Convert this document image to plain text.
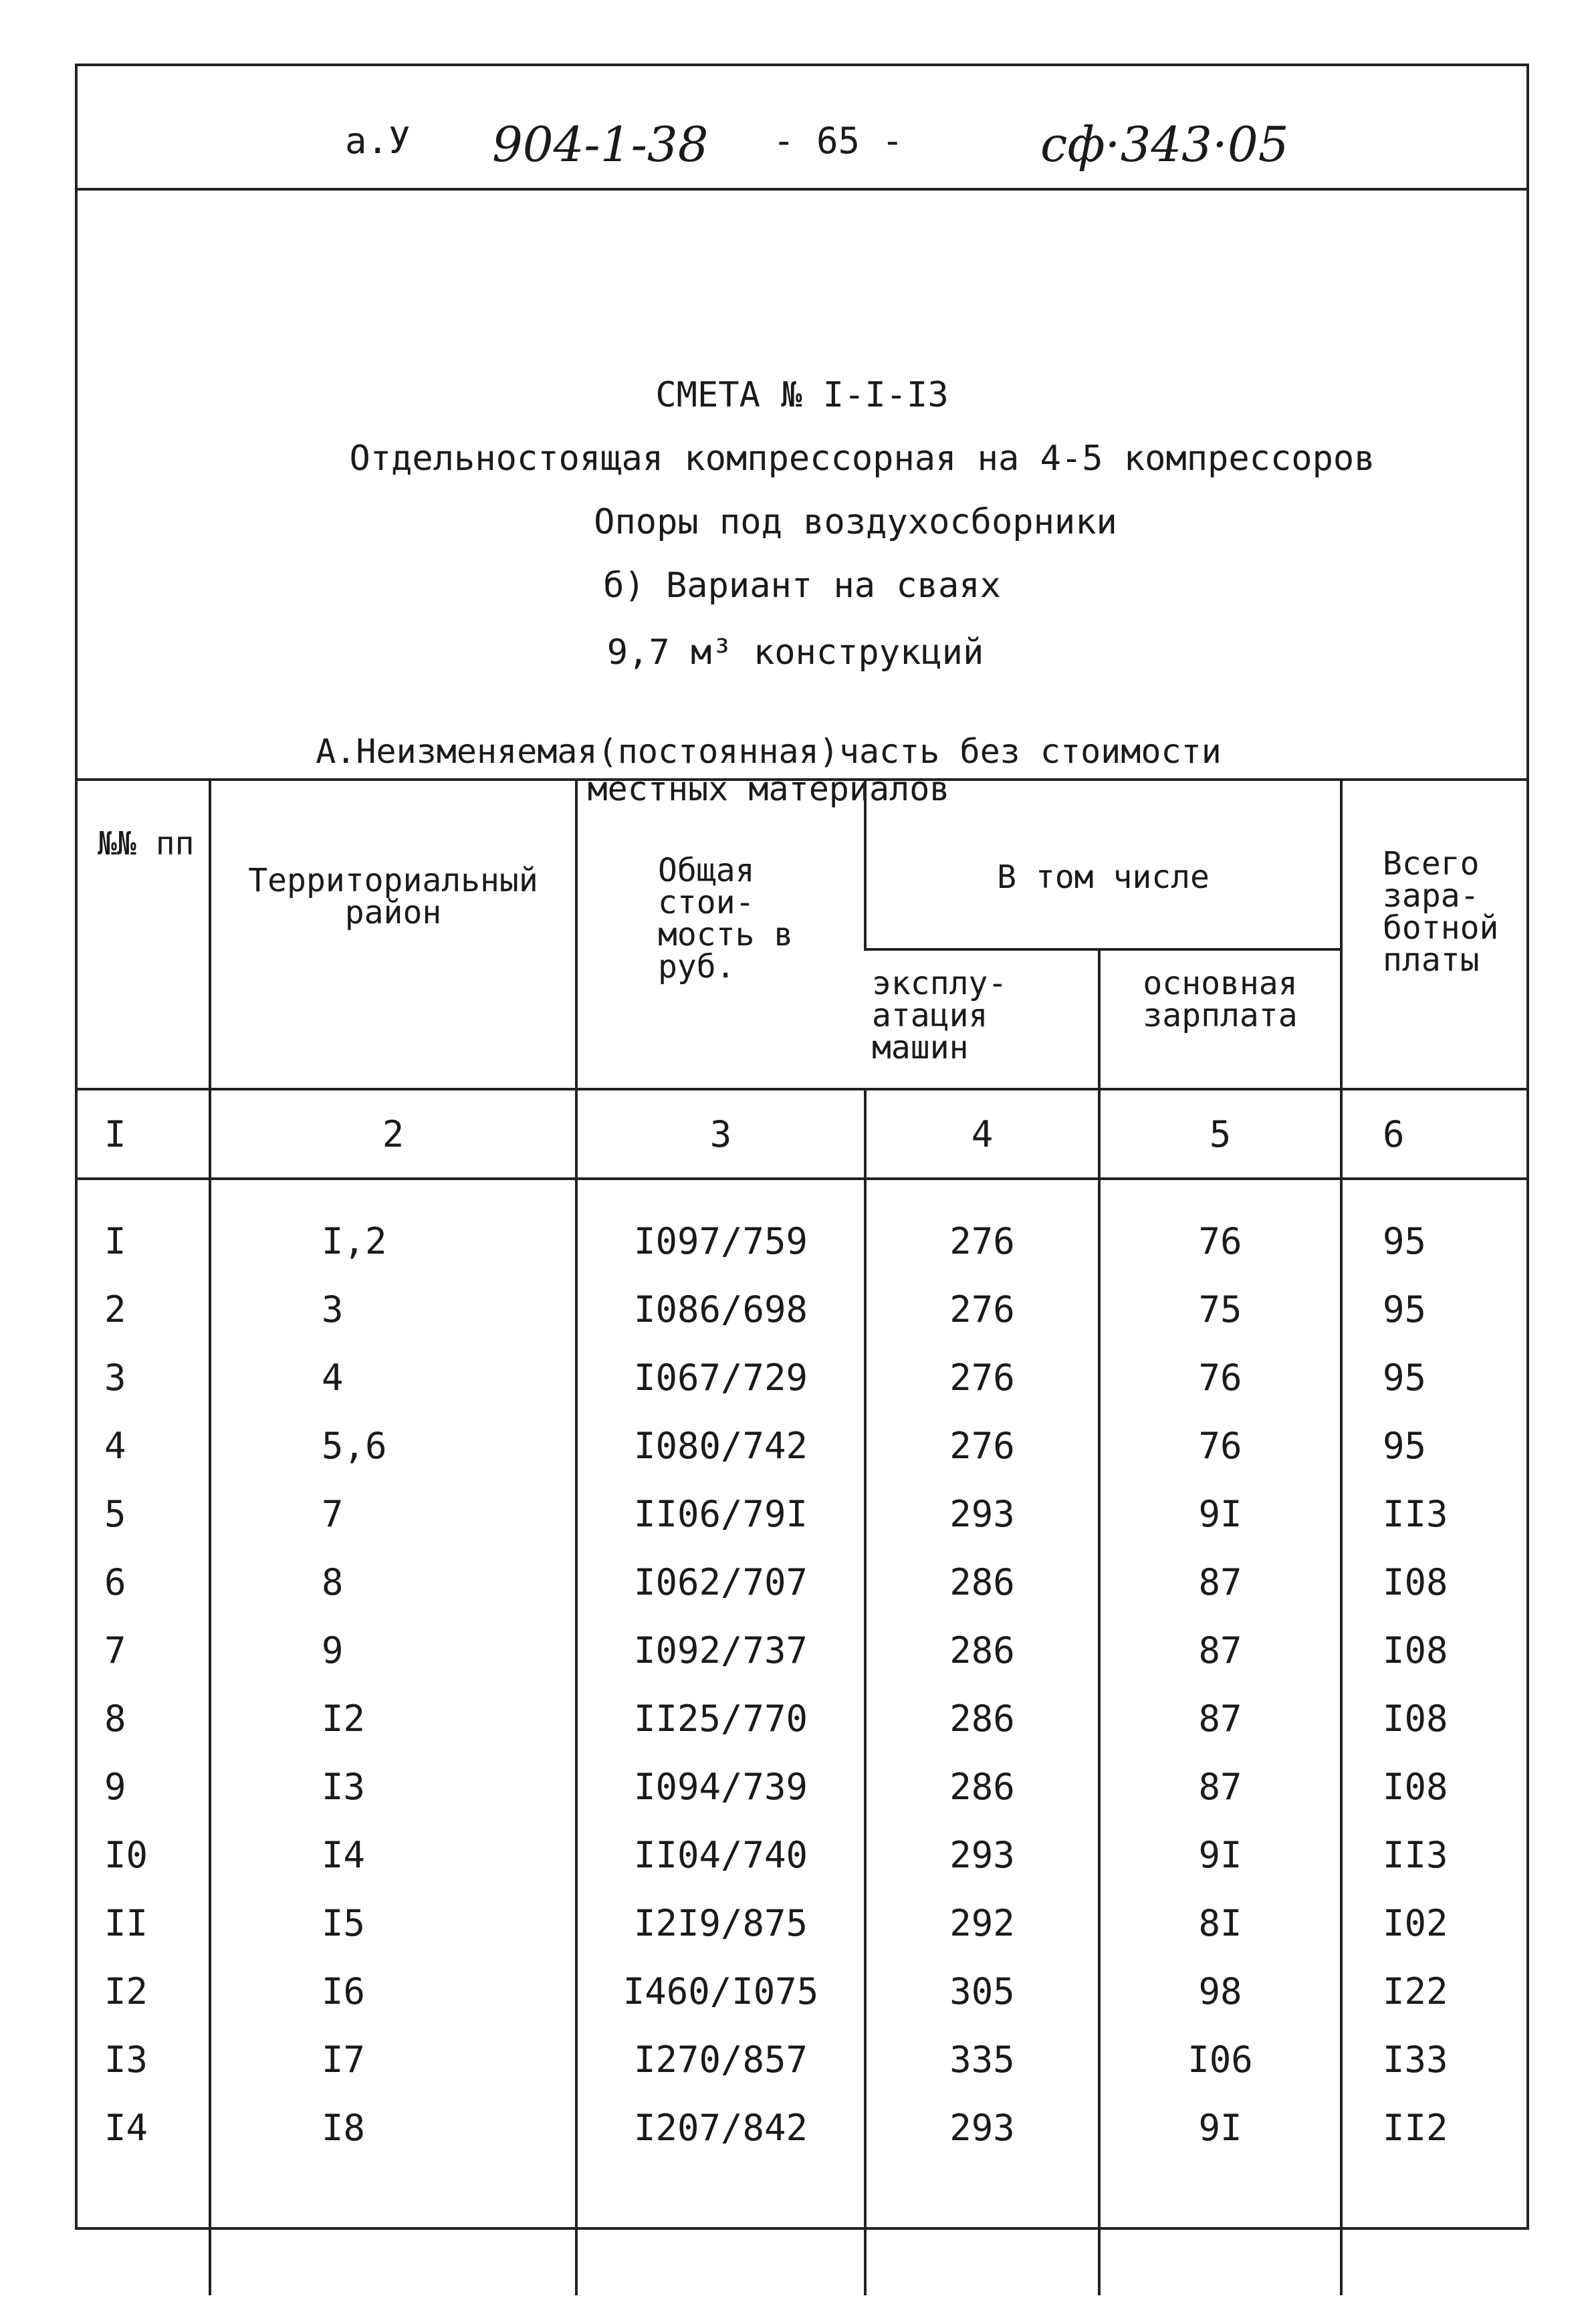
а.У 904-1-38 - 65 -	сф·343·05
СМЕТА № I-I-I3
Отдельностоящая компрессорная на 4-5 компрессоров
Опоры под воздухосборники
б) Вариант на сваях
9,7 м³ конструкций
А.Неизменяемая(постоянная)часть без стоимости
местных материалов
№№ пп	Территориальный район	Общая стои- мость в руб.	В том числе		Всего зара- ботной платы
			эксплу- атация машин	основная зарплата	
I	2	3	4	5	6
I	I,2	I097/759	276	76	95
2	3	I086/698	276	75	95
3	4	I067/729	276	76	95
4	5,6	I080/742	276	76	95
5	7	II06/79I	293	9I	II3
6	8	I062/707	286	87	I08
7	9	I092/737	286	87	I08
8	I2	II25/770	286	87	I08
9	I3	I094/739	286	87	I08
I0	I4	II04/740	293	9I	II3
II	I5	I2I9/875	292	8I	I02
I2	I6	I460/I075	305	98	I22
I3	I7	I270/857	335	I06	I33
I4	I8	I207/842	293	9I	II2
